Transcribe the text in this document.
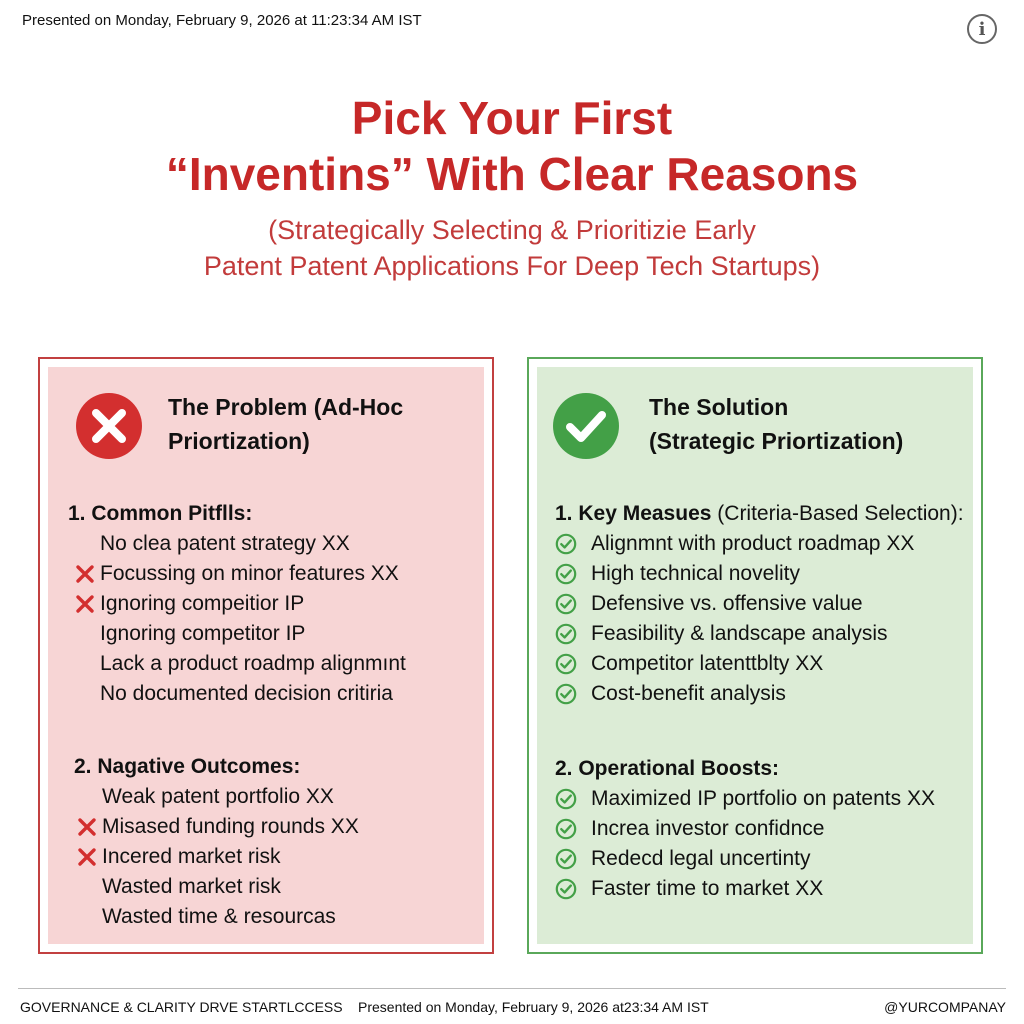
Presented on Monday, February 9, 2026 at 11:23:34 AM IST	i
Pick Your First
“Inventins” With Clear Reasons
(Strategically Selecting & Prioritizie Early
Patent Patent Applications For Deep Tech Startups)
The Problem (Ad-Hoc
Priortization)
1. Common Pitflls:
No clea patent strategy XX
Focussing on minor features XX
Ignoring compeitior IP
Ignoring competitor IP
Lack a product roadmp alignmınt
No documented decision critiria
2. Nagative Outcomes:
Weak patent portfolio XX
Misased funding rounds XX
Incered market risk
Wasted market risk
Wasted time & resourcas
The Solution
(Strategic Priortization)
1. Key Measues
(Criteria-Based Selection):
Alignmnt with product roadmap XX
High technical novelity
Defensive vs. offensive value
Feasibility & landscape analysis
Competitor latenttblty XX
Cost-benefit analysis
2. Operational Boosts:
Maximized IP portfolio on patents XX
Increa investor confidnce
Redecd legal uncertinty
Faster time to market XX
GOVERNANCE & CLARITY DRVE STARTLCCESS Presented on Monday, February 9, 2026 at23:34 AM IST	@YURCOMPANAY
